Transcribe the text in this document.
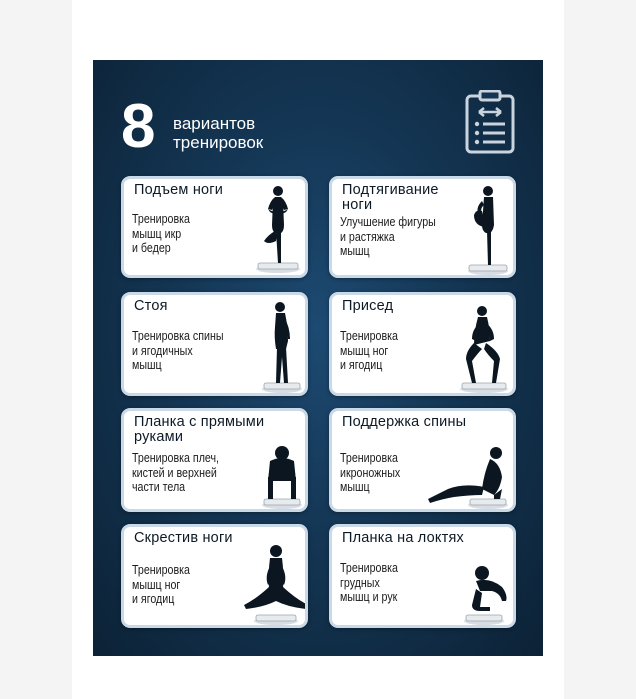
8 вариантов
тренировок
Подъем ноги
Тренировка
мышц икр
и бедер
Подтягивание
ноги
Улучшение фигуры
и растяжка
мышц
Стоя
Тренировка спины
и ягодичных
мышц
Присед
Тренировка
мышц ног
и ягодиц
Планка с прямыми
руками
Тренировка плеч,
кистей и верхней
части тела
Поддержка спины
Тренировка
икроножных
мышц
Скрестив ноги
Тренировка
мышц ног
и ягодиц
Планка на локтях
Тренировка
грудных
мышц и рук
